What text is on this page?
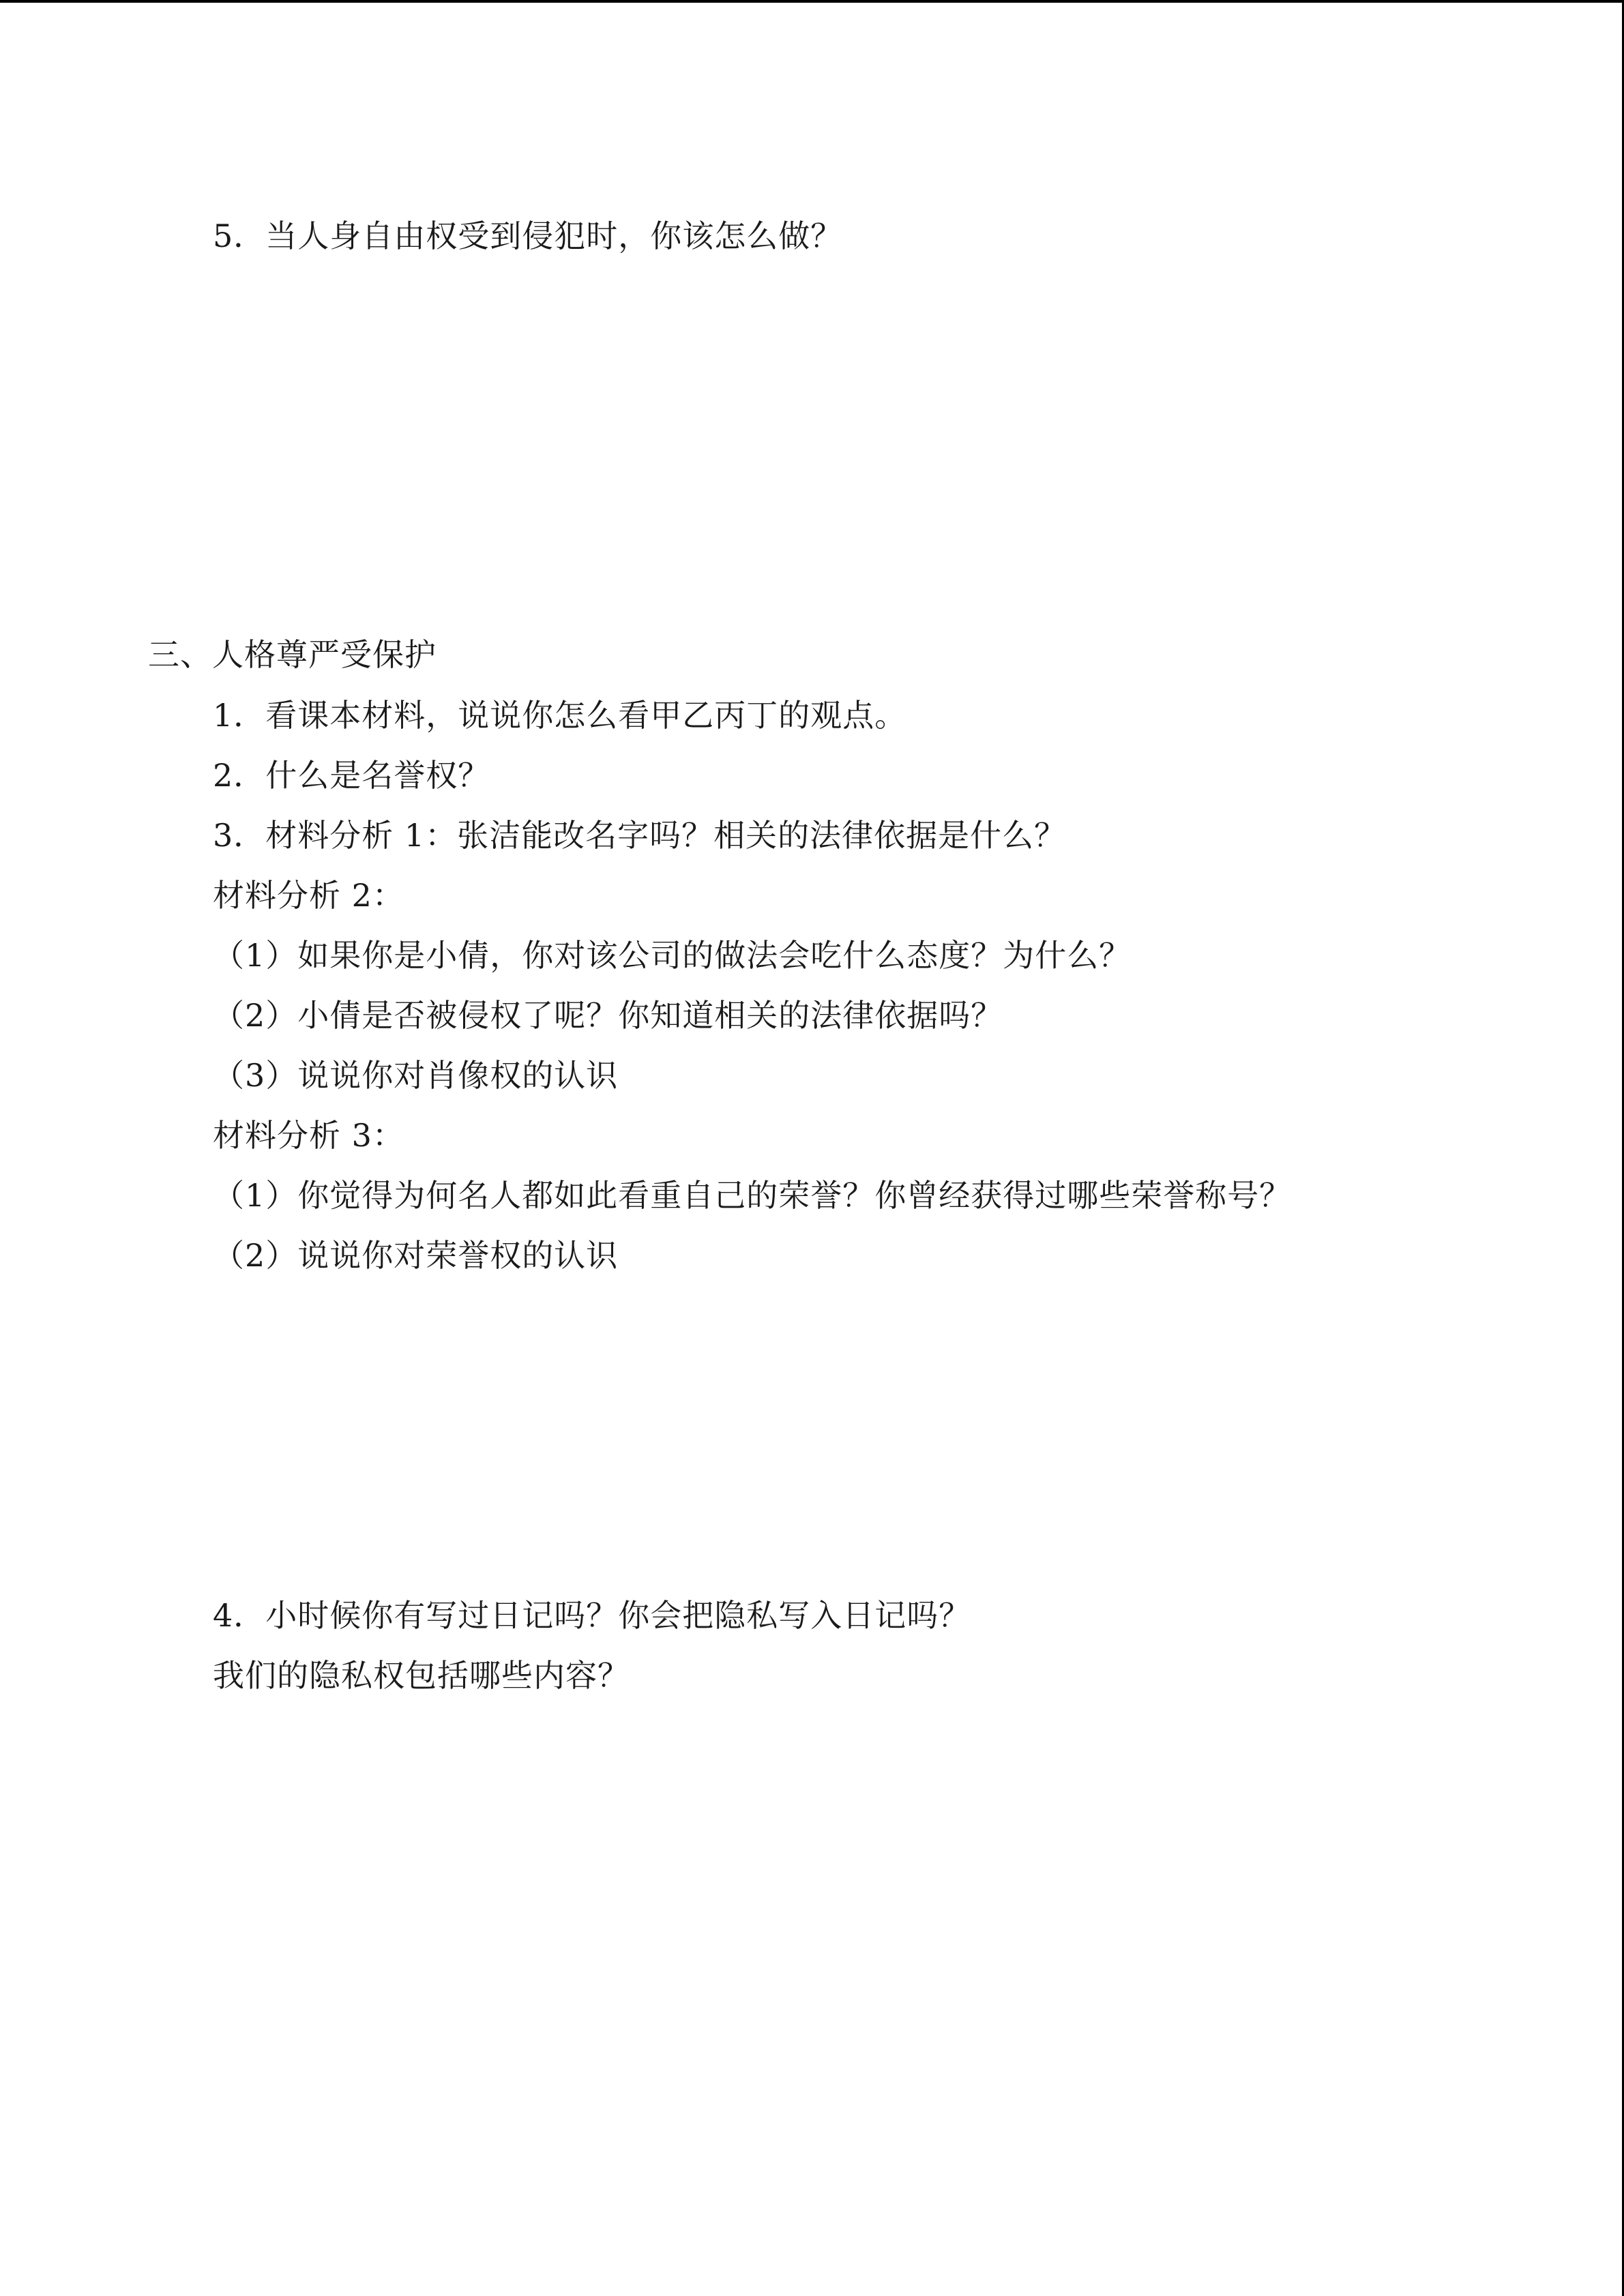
5．当人身自由权受到侵犯时，你该怎么做？
三、人格尊严受保护
1．看课本材料，说说你怎么看甲乙丙丁的观点。
2．什么是名誉权？
3．材料分析 1：张洁能改名字吗？相关的法律依据是什么？
材料分析 2：
（1）如果你是小倩，你对该公司的做法会吃什么态度？为什么？
（2）小倩是否被侵权了呢？你知道相关的法律依据吗？
（3）说说你对肖像权的认识
材料分析 3：
（1）你觉得为何名人都如此看重自己的荣誉？你曾经获得过哪些荣誉称号？
（2）说说你对荣誉权的认识
4．小时候你有写过日记吗？你会把隐私写入日记吗？
我们的隐私权包括哪些内容？
